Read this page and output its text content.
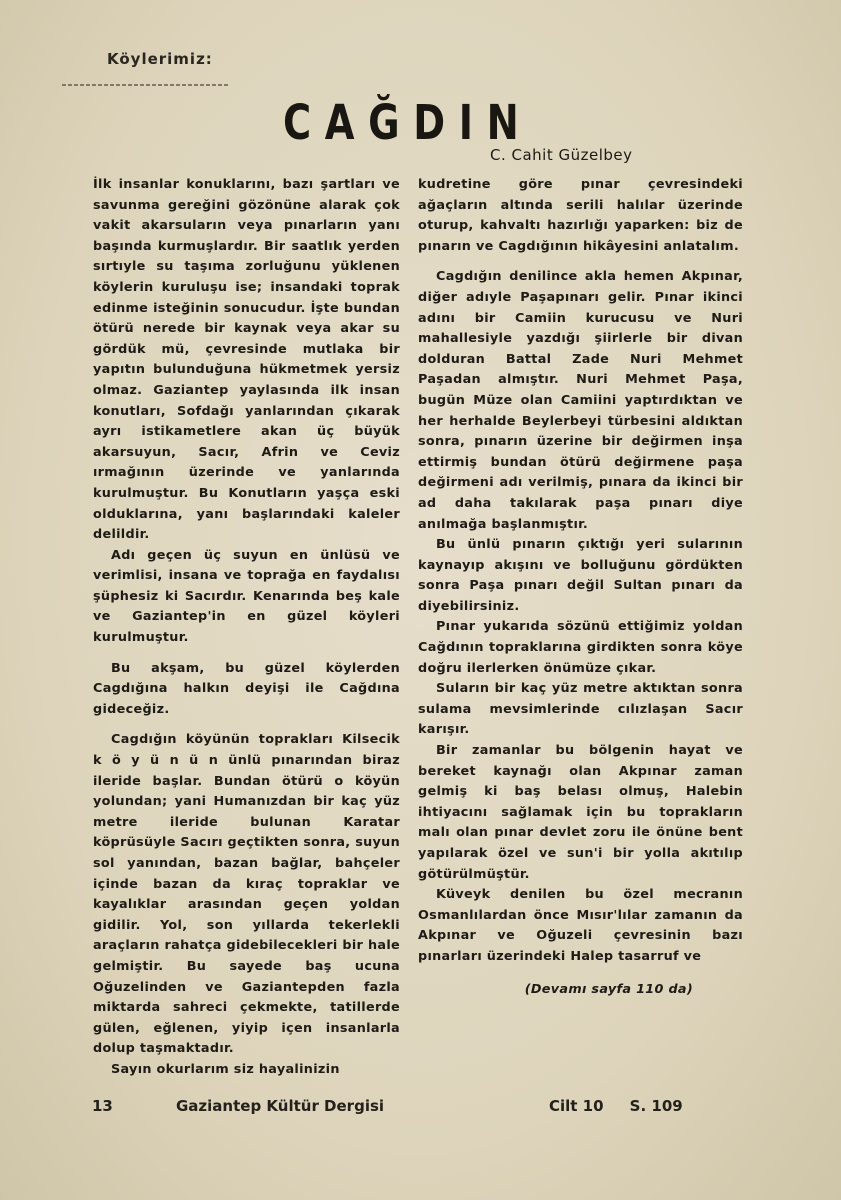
Köylerimiz:
CAĞDIN
C. Cahit Güzelbey

İlk insanlar konuklarını, bazı şartları ve savunma gereğini gözönüne alarak çok vakit akarsuların veya pınarların yanı başında kurmuşlardır. Bir saatlık yerden sırtıyle su taşıma zorluğunu yüklenen köylerin kuruluşu ise; insandaki toprak edinme isteğinin sonucudur. İşte bundan ötürü nerede bir kaynak veya akar su gördük mü, çevresinde mutlaka bir yapıtın bulunduğuna hükmetmek yersiz olmaz. Gaziantep yaylasında ilk insan konutları, Sofdağı yanlarından çıkarak ayrı istikametlere akan üç büyük akarsuyun, Sacır, Afrin ve Ceviz ırmağının üzerinde ve yanlarında kurulmuştur. Bu Konutların yaşça eski olduklarına, yanı başlarındaki kaleler delildir.

Adı geçen üç suyun en ünlüsü ve verimlisi, insana ve toprağa en faydalısı şüphesiz ki Sacırdır. Kenarında beş kale ve Gaziantep'in en güzel köyleri kurulmuştur.

Bu akşam, bu güzel köylerden Cagdığına halkın deyişi ile Cağdına gideceğiz.

Cagdığın köyünün toprakları Kilsecik k ö y ü n ü n ünlü pınarından biraz ileride başlar. Bundan ötürü o köyün yolundan; yani Humanızdan bir kaç yüz metre ileride bulunan Karatar köprüsüyle Sacırı geçtikten sonra, suyun sol yanından, bazan bağlar, bahçeler içinde bazan da kıraç topraklar ve kayalıklar arasından geçen yoldan gidilir. Yol, son yıllarda tekerlekli araçların rahatça gidebilecekleri bir hale gelmiştir. Bu sayede baş ucuna Oğuzelinden ve Gaziantepden fazla miktarda sahreci çekmekte, tatillerde gülen, eğlenen, yiyip içen insanlarla dolup taşmaktadır.

Sayın okurlarım siz hayalinizin

kudretine göre pınar çevresindeki ağaçların altında serili halılar üzerinde oturup, kahvaltı hazırlığı yaparken: biz de pınarın ve Cagdığının hikâyesini anlatalım.

Cagdığın denilince akla hemen Akpınar, diğer adıyle Paşapınarı gelir. Pınar ikinci adını bir Camiin kurucusu ve Nuri mahallesiyle yazdığı şiirlerle bir divan dolduran Battal Zade Nuri Mehmet Paşadan almıştır. Nuri Mehmet Paşa, bugün Müze olan Camiini yaptırdıktan ve her herhalde Beylerbeyi türbesini aldıktan sonra, pınarın üzerine bir değirmen inşa ettirmiş bundan ötürü değirmene paşa değirmeni adı verilmiş, pınara da ikinci bir ad daha takılarak paşa pınarı diye anılmağa başlanmıştır.

Bu ünlü pınarın çıktığı yeri sularının kaynayıp akışını ve bolluğunu gördükten sonra Paşa pınarı değil Sultan pınarı da diyebilirsiniz.

Pınar yukarıda sözünü ettiğimiz yoldan Cağdının topraklarına girdikten sonra köye doğru ilerlerken önümüze çıkar.

Suların bir kaç yüz metre aktıktan sonra sulama mevsimlerinde cılızlaşan Sacır karışır.

Bir zamanlar bu bölgenin hayat ve bereket kaynağı olan Akpınar zaman gelmiş ki baş belası olmuş, Halebin ihtiyacını sağlamak için bu toprakların malı olan pınar devlet zoru ile önüne bent yapılarak özel ve sun'i bir yolla akıtılıp götürülmüştür.

Küveyk denilen bu özel mecranın Osmanlılardan önce Mısır'lılar zamanın da Akpınar ve Oğuzeli çevresinin bazı pınarları üzerindeki Halep tasarruf ve

(Devamı sayfa 110 da)
13	Gaziantep Kültür Dergisi	Cilt 10     S. 109
